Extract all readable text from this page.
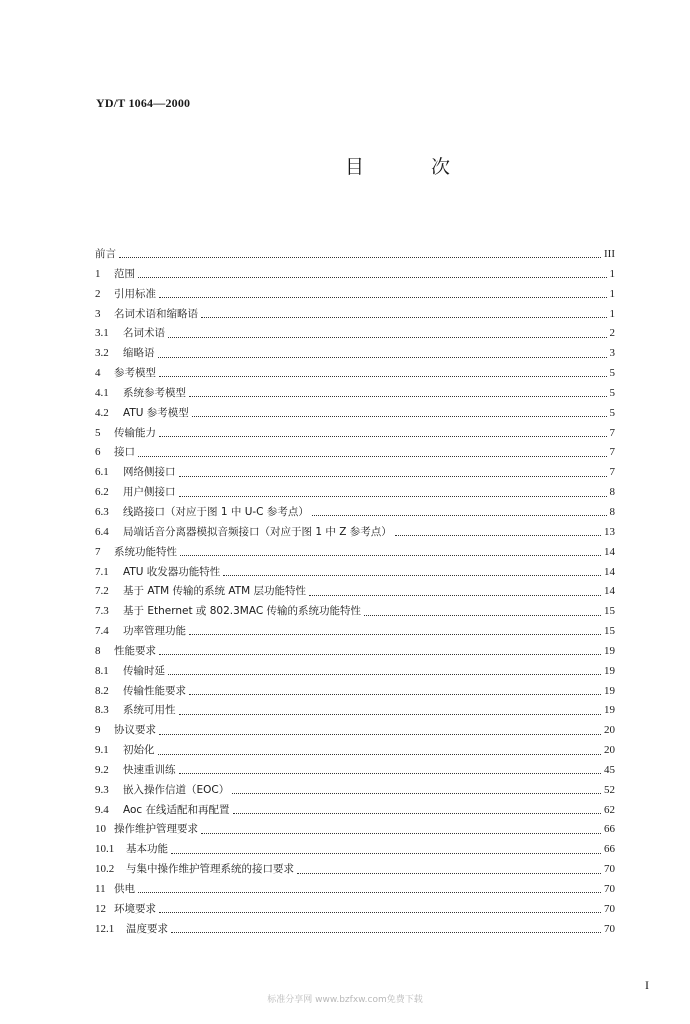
YD/T 1064—2000
目	次
前言	III
1	范围	1
2	引用标准	1
3	名词术语和缩略语	1
3.1	名词术语	2
3.2	缩略语	3
4	参考模型	5
4.1	系统参考模型	5
4.2	ATU 参考模型	5
5	传输能力	7
6	接口	7
6.1	网络侧接口	7
6.2	用户侧接口	8
6.3	线路接口（对应于图 1 中 U-C 参考点）	8
6.4	局端话音分离器模拟音频接口（对应于图 1 中 Z 参考点）	13
7	系统功能特性	14
7.1	ATU 收发器功能特性	14
7.2	基于 ATM 传输的系统 ATM 层功能特性	14
7.3	基于 Ethernet 或 802.3MAC 传输的系统功能特性	15
7.4	功率管理功能	15
8	性能要求	19
8.1	传输时延	19
8.2	传输性能要求	19
8.3	系统可用性	19
9	协议要求	20
9.1	初始化	20
9.2	快速重训练	45
9.3	嵌入操作信道（EOC）	52
9.4	Aoc 在线适配和再配置	62
10 操作维护管理要求	66
10.1	基本功能	66
10.2	与集中操作维护管理系统的接口要求	70
11 供电	70
12 环境要求	70
12.1	温度要求	70
I
标准分享网 www.bzfxw.com免费下载
